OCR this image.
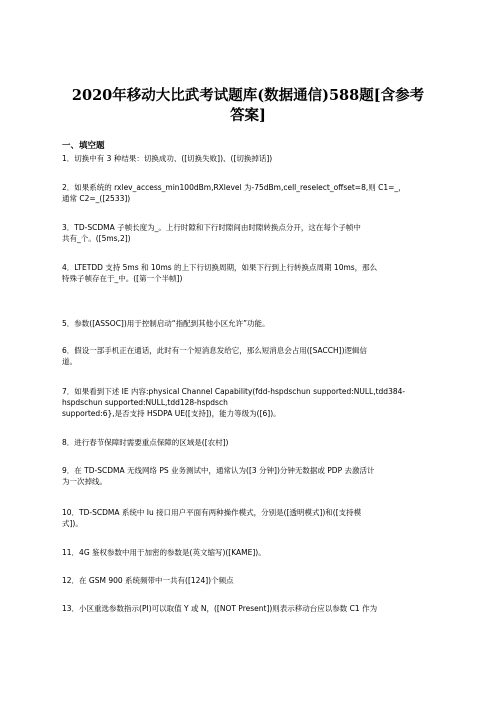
2020年移动大比武考试题库(数据通信)588题[含参考
答案]
一、填空题
1．切换中有 3 种结果：切换成功、([切换失败])、([切换掉话])
2．如果系统的 rxlev_access_min100dBm,RXlevel 为-75dBm,cell_reselect_offset=8,则 C1=_，
通常 C2=_([2533])
3．TD-SCDMA 子帧长度为_。上行时隙和下行时隙间由时隙转换点分开，这在每个子帧中
共有_个。([5ms,2])
4．LTETDD 支持 5ms 和 10ms 的上下行切换周期，如果下行到上行转换点周期 10ms，那么
特殊子帧存在于_中。([第一个半帧])
5．参数([ASSOC])用于控制启动“指配到其他小区允许”功能。
6．假设一部手机正在通话，此时有一个短消息发给它，那么短消息会占用([SACCH])逻辑信
道。
7．如果看到下述 IE 内容:physical Channel Capability(fdd-hspdschun supported:NULL,tdd384-
hspdschun supported:NULL,tdd128-hspdsch
supported:6},是否支持 HSDPA UE([支持])，能力等级为([6])。
8．进行春节保障时需要重点保障的区域是([农村])
9．在 TD-SCDMA 无线网络 PS 业务测试中，通常认为([3 分钟])分钟无数据或 PDP 去激活计
为一次掉线。
10．TD-SCDMA 系统中 Iu 接口用户平面有两种操作模式，分别是([透明模式])和([支持模
式])。
11．4G 鉴权参数中用于加密的参数是(英文缩写)([KAME])。
12．在 GSM 900 系统频带中一共有([124])个频点
13．小区重选参数指示(PI)可以取值 Y 或 N，([NOT Present])则表示移动台应以参数 C1 作为
